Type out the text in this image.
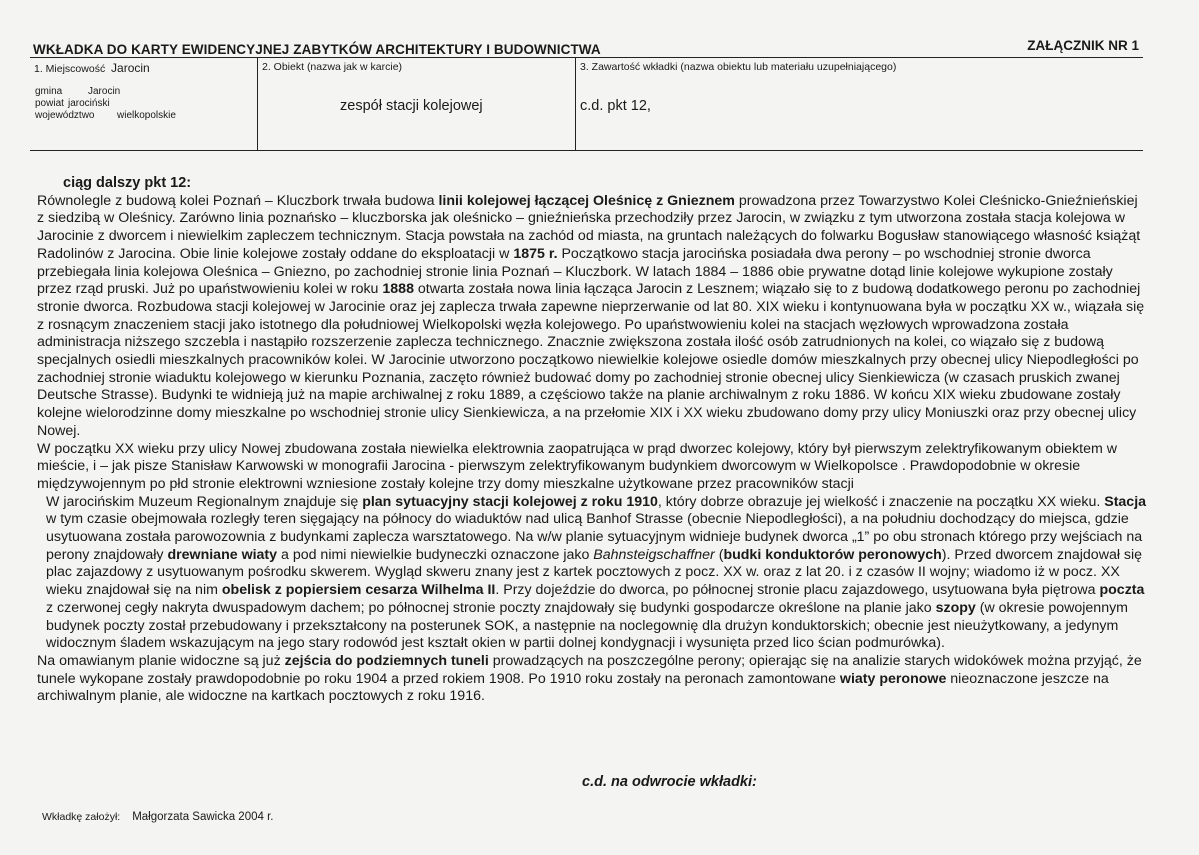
WKŁADKA DO KARTY EWIDENCYJNEJ ZABYTKÓW ARCHITEKTURY I BUDOWNICTWA	ZAŁĄCZNIK NR 1
1. Miejscowość Jarocin
gmina	Jarocin
powiat jarociński
województwo wielkopolskie
2. Obiekt (nazwa jak w karcie)
zespół stacji kolejowej
3. Zawartość wkładki (nazwa obiektu lub materiału uzupełniającego)
c.d. pkt 12,

ciąg dalszy pkt 12:

Równolegle z budową kolei Poznań – Kluczbork trwała budowa linii kolejowej łączącej Oleśnicę z Gnieznem prowadzona przez Towarzystwo Kolei Cleśnicko-Gnieźnieńskiej z siedzibą w Oleśnicy. Zarówno linia poznańsko – kluczborska jak oleśnicko – gnieźnieńska przechodziły przez Jarocin, w związku z tym utworzona została stacja kolejowa w Jarocinie z dworcem i niewielkim zapleczem technicznym. Stacja powstała na zachód od miasta, na gruntach należących do folwarku Bogusław stanowiącego własność książąt Radolinów z Jarocina. Obie linie kolejowe zostały oddane do eksploatacji w 1875 r. Początkowo stacja jarocińska posiadała dwa perony – po wschodniej stronie dworca przebiegała linia kolejowa Oleśnica – Gniezno, po zachodniej stronie linia Poznań – Kluczbork. W latach 1884 – 1886 obie prywatne dotąd linie kolejowe wykupione zostały przez rząd pruski. Już po upaństwowieniu kolei w roku 1888 otwarta została nowa linia łącząca Jarocin z Lesznem; wiązało się to z budową dodatkowego peronu po zachodniej stronie dworca. Rozbudowa stacji kolejowej w Jarocinie oraz jej zaplecza trwała zapewne nieprzerwanie od lat 80. XIX wieku i kontynuowana była w początku XX w., wiązała się z rosnącym znaczeniem stacji jako istotnego dla południowej Wielkopolski węzła kolejowego. Po upaństwowieniu kolei na stacjach węzłowych wprowadzona została administracja niższego szczebla i nastąpiło rozszerzenie zaplecza technicznego. Znacznie zwiększona została ilość osób zatrudnionych na kolei, co wiązało się z budową specjalnych osiedli mieszkalnych pracowników kolei. W Jarocinie utworzono początkowo niewielkie kolejowe osiedle domów mieszkalnych przy obecnej ulicy Niepodległości po zachodniej stronie wiaduktu kolejowego w kierunku Poznania, zaczęto również budować domy po zachodniej stronie obecnej ulicy Sienkiewicza (w czasach pruskich zwanej Deutsche Strasse). Budynki te widnieją już na mapie archiwalnej z roku 1889, a częściowo także na planie archiwalnym z roku 1886. W końcu XIX wieku zbudowane zostały kolejne wielorodzinne domy mieszkalne po wschodniej stronie ulicy Sienkiewicza, a na przełomie XIX i XX wieku zbudowano domy przy ulicy Moniuszki oraz przy obecnej ulicy Nowej.

W początku XX wieku przy ulicy Nowej zbudowana została niewielka elektrownia zaopatrująca w prąd dworzec kolejowy, który był pierwszym zelektryfikowanym obiektem w mieście, i – jak pisze Stanisław Karwowski w monografii Jarocina - pierwszym zelektryfikowanym budynkiem dworcowym w Wielkopolsce . Prawdopodobnie w okresie międzywojennym po płd stronie elektrowni wzniesione zostały kolejne trzy domy mieszkalne użytkowane przez pracowników stacji

W jarocińskim Muzeum Regionalnym znajduje się plan sytuacyjny stacji kolejowej z roku 1910, który dobrze obrazuje jej wielkość i znaczenie na początku XX wieku. Stacja w tym czasie obejmowała rozległy teren sięgający na północy do wiaduktów nad ulicą Banhof Strasse (obecnie Niepodległości), a na południu dochodzący do miejsca, gdzie usytuowana została parowozownia z budynkami zaplecza warsztatowego. Na w/w planie sytuacyjnym widnieje budynek dworca „1” po obu stronach którego przy wejściach na perony znajdowały drewniane wiaty a pod nimi niewielkie budyneczki oznaczone jako Bahnsteigschaffner (budki konduktorów peronowych). Przed dworcem znajdował się plac zajazdowy z usytuowanym pośrodku skwerem. Wygląd skweru znany jest z kartek pocztowych z pocz. XX w. oraz z lat 20. i z czasów II wojny; wiadomo iż w pocz. XX wieku znajdował się na nim obelisk z popiersiem cesarza Wilhelma II. Przy dojeździe do dworca, po północnej stronie placu zajazdowego, usytuowana była piętrowa poczta z czerwonej cegły nakryta dwuspadowym dachem; po północnej stronie poczty znajdowały się budynki gospodarcze określone na planie jako szopy (w okresie powojennym budynek poczty został przebudowany i przekształcony na posterunek SOK, a następnie na noclegownię dla drużyn konduktorskich; obecnie jest nieużytkowany, a jedynym widocznym śladem wskazującym na jego stary rodowód jest kształt okien w partii dolnej kondygnacji i wysunięta przed lico ścian podmurówka).

Na omawianym planie widoczne są już zejścia do podziemnych tuneli prowadzących na poszczególne perony; opierając się na analizie starych widokówek można przyjąć, że tunele wykopane zostały prawdopodobnie po roku 1904 a przed rokiem 1908. Po 1910 roku zostały na peronach zamontowane wiaty peronowe nieoznaczone jeszcze na archiwalnym planie, ale widoczne na kartkach pocztowych z roku 1916.

c.d. na odwrocie wkładki:
Wkładkę założył: Małgorzata Sawicka 2004 r.
